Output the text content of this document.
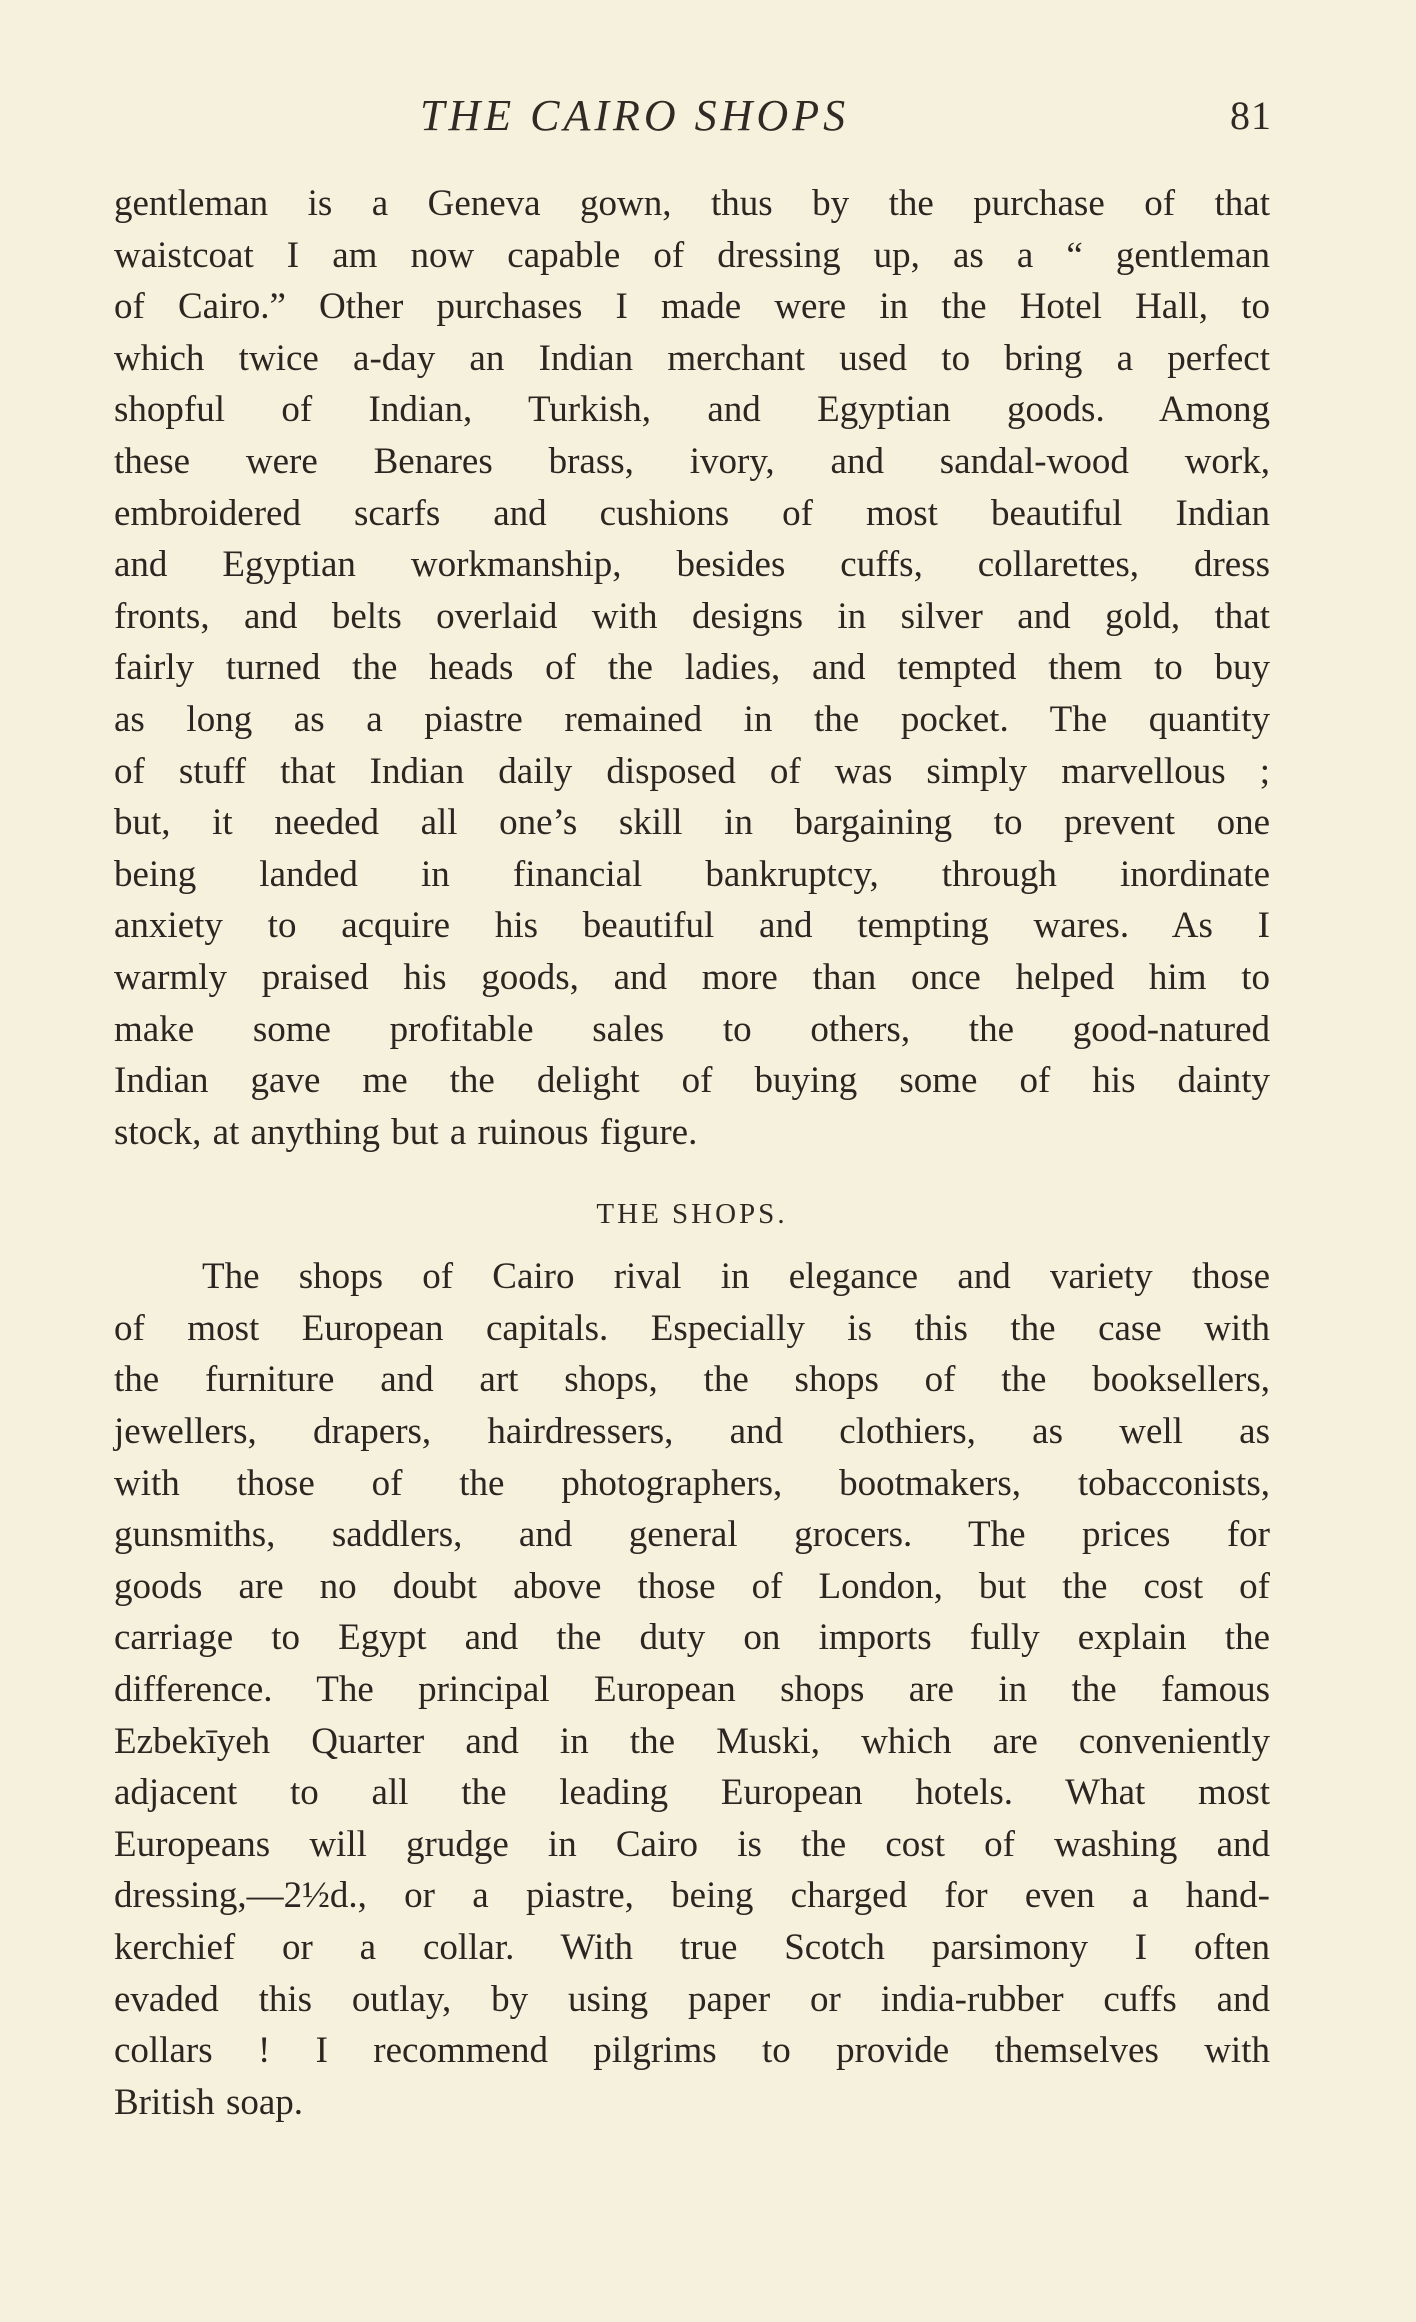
THE CAIRO SHOPS	81

gentleman is a Geneva gown, thus by the purchase of that
waistcoat I am now capable of dressing up, as a “ gentleman
of Cairo.” Other purchases I made were in the Hotel Hall, to
which twice a-day an Indian merchant used to bring a perfect
shopful of Indian, Turkish, and Egyptian goods. Among
these were Benares brass, ivory, and sandal-wood work,
embroidered scarfs and cushions of most beautiful Indian
and Egyptian workmanship, besides cuffs, collarettes, dress
fronts, and belts overlaid with designs in silver and gold, that
fairly turned the heads of the ladies, and tempted them to buy
as long as a piastre remained in the pocket. The quantity
of stuff that Indian daily disposed of was simply marvellous ;
but, it needed all one’s skill in bargaining to prevent one
being landed in financial bankruptcy, through inordinate
anxiety to acquire his beautiful and tempting wares. As I
warmly praised his goods, and more than once helped him to
make some profitable sales to others, the good-natured
Indian gave me the delight of buying some of his dainty
stock, at anything but a ruinous figure.

THE SHOPS.

The shops of Cairo rival in elegance and variety those
of most European capitals. Especially is this the case with
the furniture and art shops, the shops of the booksellers,
jewellers, drapers, hairdressers, and clothiers, as well as
with those of the photographers, bootmakers, tobacconists,
gunsmiths, saddlers, and general grocers. The prices for
goods are no doubt above those of London, but the cost of
carriage to Egypt and the duty on imports fully explain the
difference. The principal European shops are in the famous
Ezbekīyeh Quarter and in the Muski, which are conveniently
adjacent to all the leading European hotels. What most
Europeans will grudge in Cairo is the cost of washing and
dressing,—2½d., or a piastre, being charged for even a hand-
kerchief or a collar. With true Scotch parsimony I often
evaded this outlay, by using paper or india-rubber cuffs and
collars ! I recommend pilgrims to provide themselves with
British soap.
